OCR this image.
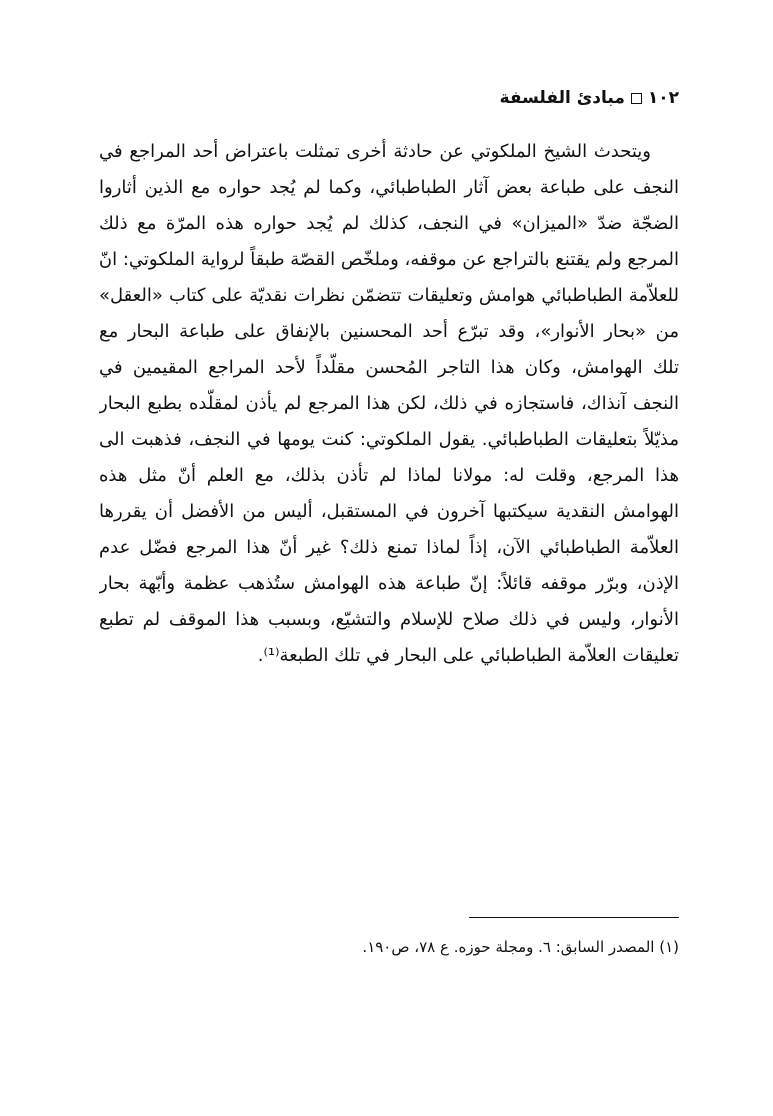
١٠٢
مبادئ الفلسفة
ويتحدث الشيخ الملكوتي عن حادثة أخرى تمثلت باعتراض أحد المراجع في
النجف على طباعة بعض آثار الطباطبائي، وكما لم يُجد حواره مع الذين أثاروا
الضجّة ضدّ «الميزان» في النجف، كذلك لم يُجد حواره هذه المرّة مع ذلك
المرجع ولم يقتنع بالتراجع عن موقفه، وملخّص القصّة طبقاً لرواية الملكوتي: انّ
للعلاّمة الطباطبائي هوامش وتعليقات تتضمّن نظرات نقديّة على كتاب «العقل»
من «بحار الأنوار»، وقد تبرّع أحد المحسنين بالإنفاق على طباعة البحار مع
تلك الهوامش، وكان هذا التاجر المُحسن مقلّداً لأحد المراجع المقيمين في
النجف آنذاك، فاستجازه في ذلك، لكن هذا المرجع لم يأذن لمقلّده بطبع البحار
مذيّلاً بتعليقات الطباطبائي. يقول الملكوتي: كنت يومها في النجف، فذهبت الى
هذا المرجع، وقلت له: مولانا لماذا لم تأذن بذلك، مع العلم أنّ مثل هذه
الهوامش النقدية سيكتبها آخرون في المستقبل، أليس من الأفضل أن يقررها
العلاّمة الطباطبائي الآن، إذاً لماذا تمنع ذلك؟ غير أنّ هذا المرجع فضّل عدم
الإذن، وبرّر موقفه قائلاً: إنّ طباعة هذه الهوامش ستُذهب عظمة وأبّهة بحار
الأنوار، وليس في ذلك صلاح للإسلام والتشيّع، وبسبب هذا الموقف لم تطبع
تعليقات العلاّمة الطباطبائي على البحار في تلك الطبعة⁽¹⁾.
(١) المصدر السابق: ٦. ومجلة حوزه. ع ٧٨، ص١٩٠.
